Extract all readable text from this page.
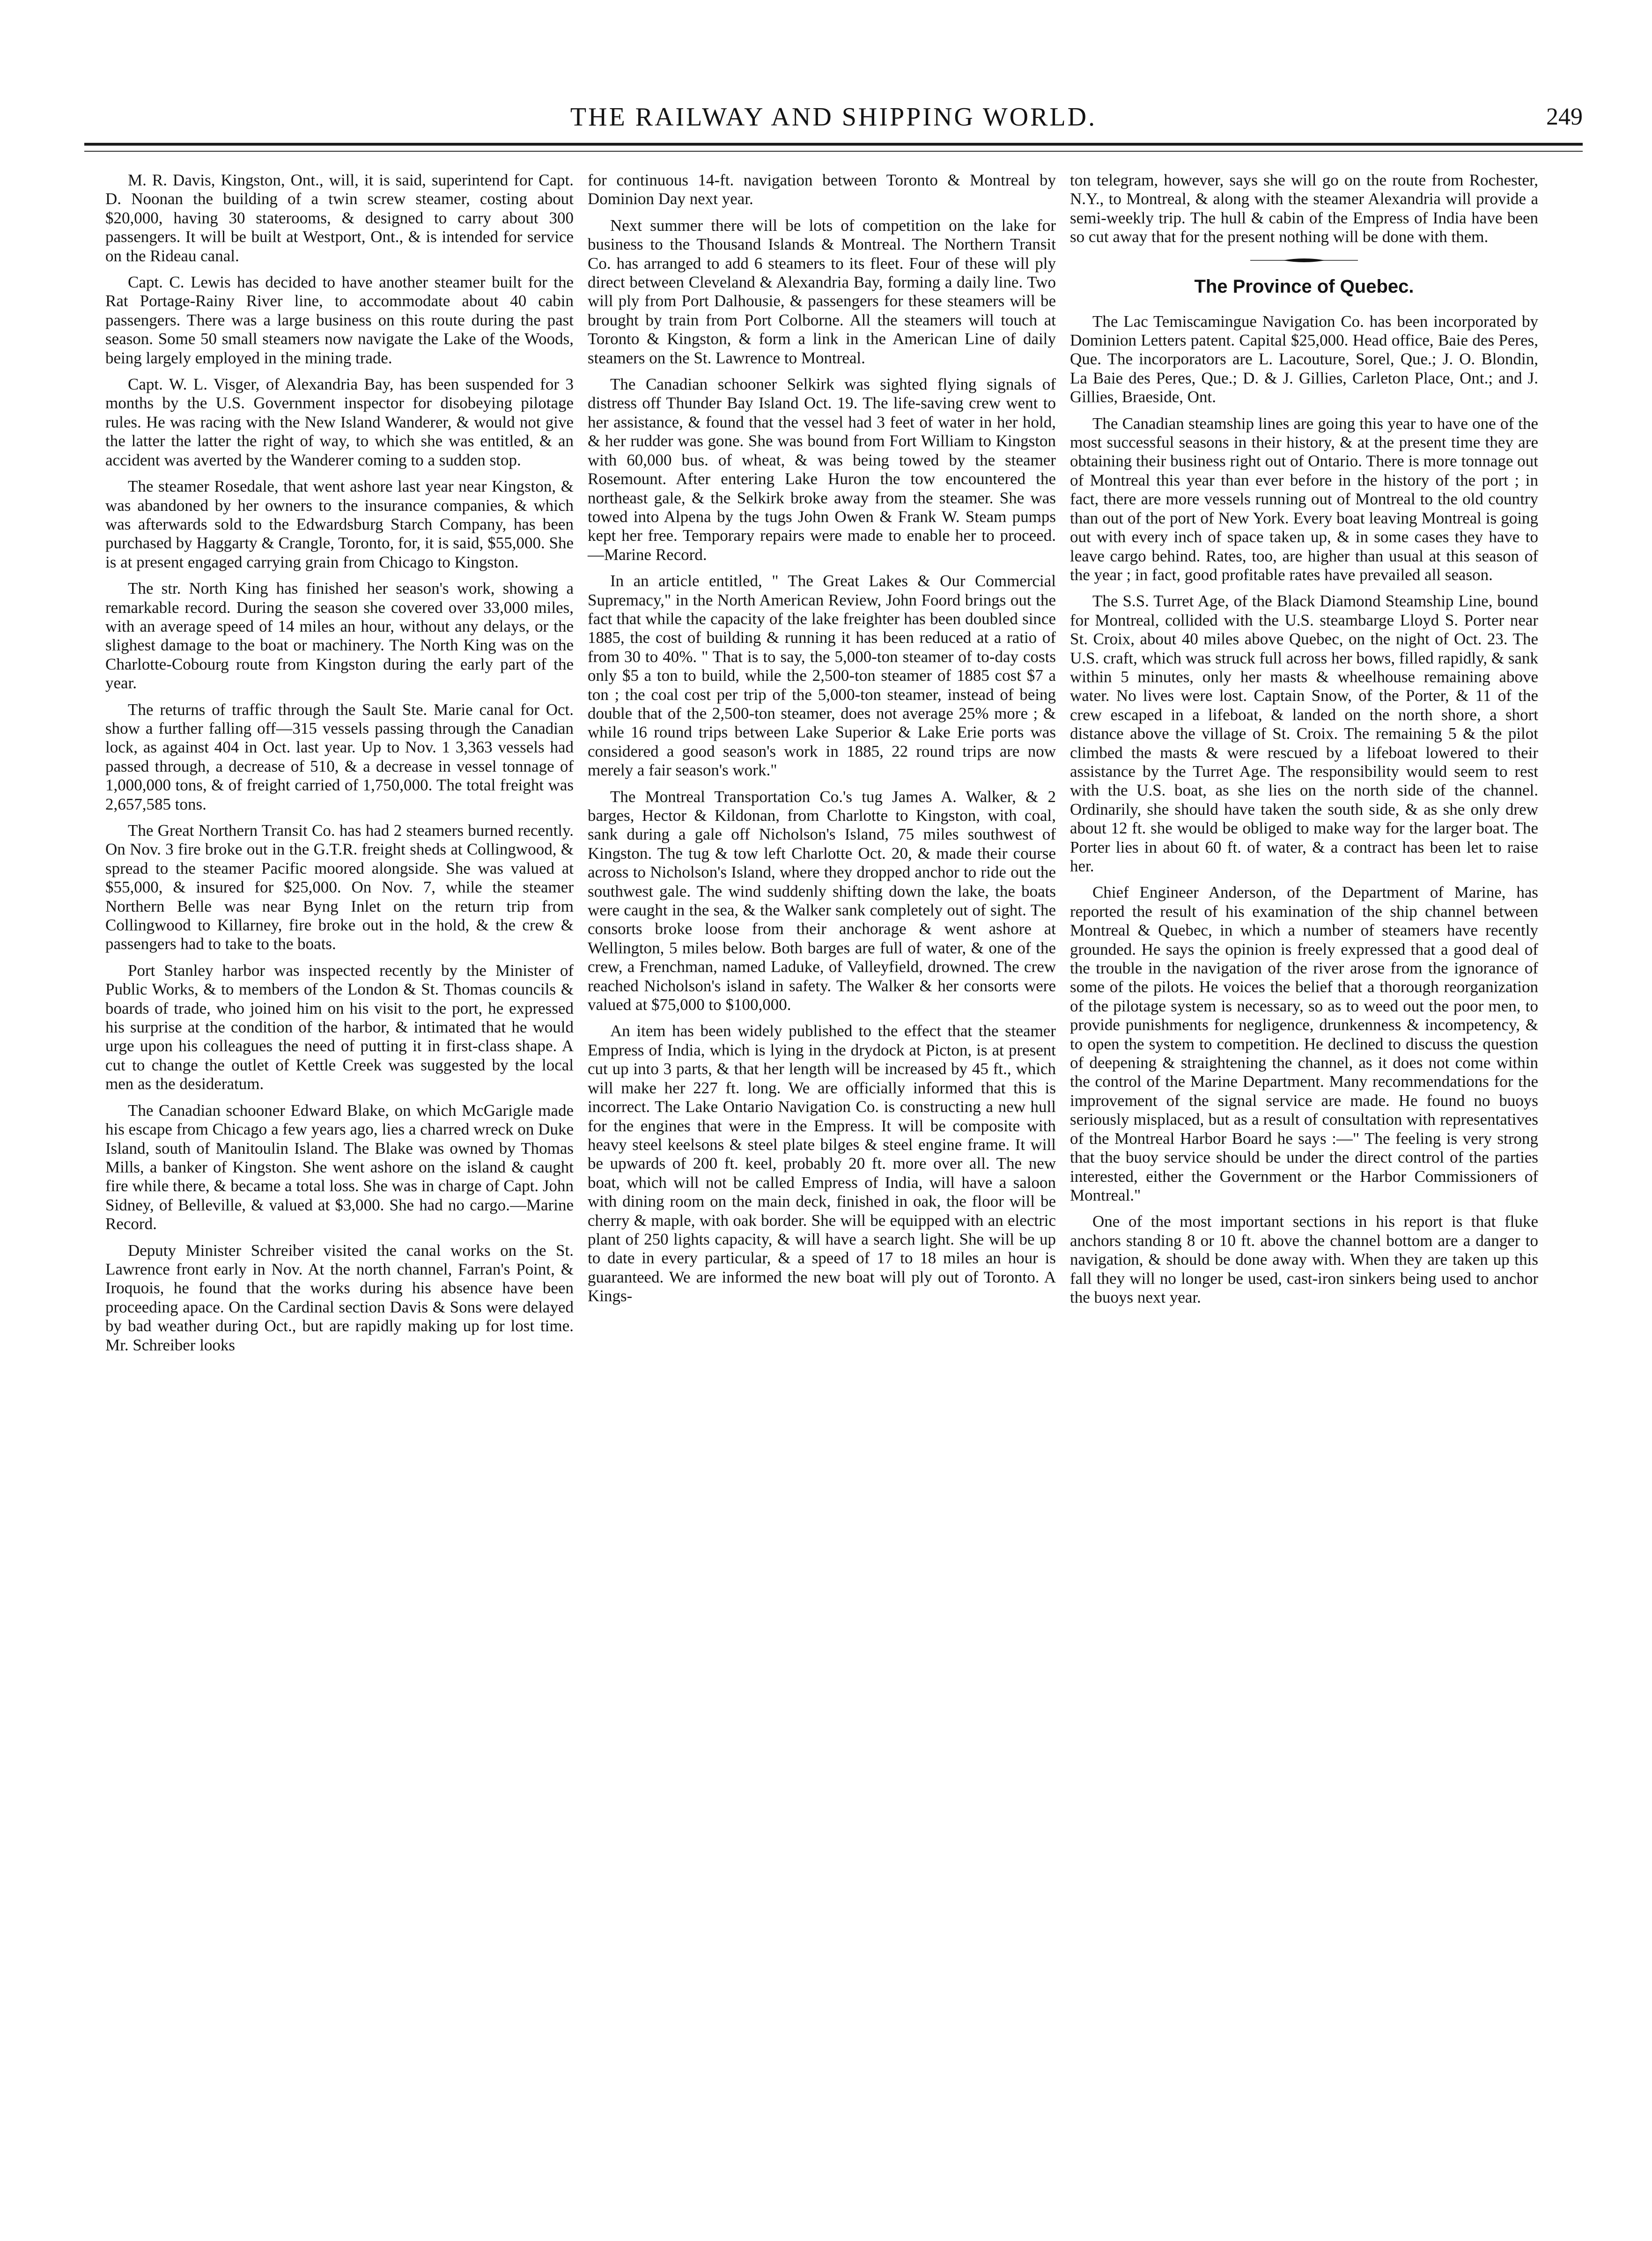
THE RAILWAY AND SHIPPING WORLD.	249

M. R. Davis, Kingston, Ont., will, it is said, superintend for Capt. D. Noonan the building of a twin screw steamer, costing about $20,000, having 30 staterooms, & designed to carry about 300 passengers. It will be built at Westport, Ont., & is intended for service on the Rideau canal.

Capt. C. Lewis has decided to have another steamer built for the Rat Portage-Rainy River line, to accommodate about 40 cabin passengers. There was a large business on this route during the past season. Some 50 small steamers now navigate the Lake of the Woods, being largely employed in the mining trade.

Capt. W. L. Visger, of Alexandria Bay, has been suspended for 3 months by the U.S. Government inspector for disobeying pilotage rules. He was racing with the New Island Wanderer, & would not give the latter the latter the right of way, to which she was entitled, & an accident was averted by the Wanderer coming to a sudden stop.

The steamer Rosedale, that went ashore last year near Kingston, & was abandoned by her owners to the insurance companies, & which was afterwards sold to the Edwardsburg Starch Company, has been purchased by Haggarty & Crangle, Toronto, for, it is said, $55,000. She is at present engaged carrying grain from Chicago to Kingston.

The str. North King has finished her season's work, showing a remarkable record. During the season she covered over 33,000 miles, with an average speed of 14 miles an hour, without any delays, or the slighest damage to the boat or machinery. The North King was on the Charlotte-Cobourg route from Kingston during the early part of the year.

The returns of traffic through the Sault Ste. Marie canal for Oct. show a further falling off—315 vessels passing through the Canadian lock, as against 404 in Oct. last year. Up to Nov. 1 3,363 vessels had passed through, a decrease of 510, & a decrease in vessel tonnage of 1,000,000 tons, & of freight carried of 1,750,000. The total freight was 2,657,585 tons.

The Great Northern Transit Co. has had 2 steamers burned recently. On Nov. 3 fire broke out in the G.T.R. freight sheds at Collingwood, & spread to the steamer Pacific moored alongside. She was valued at $55,000, & insured for $25,000. On Nov. 7, while the steamer Northern Belle was near Byng Inlet on the return trip from Collingwood to Killarney, fire broke out in the hold, & the crew & passengers had to take to the boats.

Port Stanley harbor was inspected recently by the Minister of Public Works, & to members of the London & St. Thomas councils & boards of trade, who joined him on his visit to the port, he expressed his surprise at the condition of the harbor, & intimated that he would urge upon his colleagues the need of putting it in first-class shape. A cut to change the outlet of Kettle Creek was suggested by the local men as the desideratum.

The Canadian schooner Edward Blake, on which McGarigle made his escape from Chicago a few years ago, lies a charred wreck on Duke Island, south of Manitoulin Island. The Blake was owned by Thomas Mills, a banker of Kingston. She went ashore on the island & caught fire while there, & became a total loss. She was in charge of Capt. John Sidney, of Belleville, & valued at $3,000. She had no cargo.—Marine Record.

Deputy Minister Schreiber visited the canal works on the St. Lawrence front early in Nov. At the north channel, Farran's Point, & Iroquois, he found that the works during his absence have been proceeding apace. On the Cardinal section Davis & Sons were delayed by bad weather during Oct., but are rapidly making up for lost time. Mr. Schreiber looks

for continuous 14-ft. navigation between Toronto & Montreal by Dominion Day next year.

Next summer there will be lots of competition on the lake for business to the Thousand Islands & Montreal. The Northern Transit Co. has arranged to add 6 steamers to its fleet. Four of these will ply direct between Cleveland & Alexandria Bay, forming a daily line. Two will ply from Port Dalhousie, & passengers for these steamers will be brought by train from Port Colborne. All the steamers will touch at Toronto & Kingston, & form a link in the American Line of daily steamers on the St. Lawrence to Montreal.

The Canadian schooner Selkirk was sighted flying signals of distress off Thunder Bay Island Oct. 19. The life-saving crew went to her assistance, & found that the vessel had 3 feet of water in her hold, & her rudder was gone. She was bound from Fort William to Kingston with 60,000 bus. of wheat, & was being towed by the steamer Rosemount. After entering Lake Huron the tow encountered the northeast gale, & the Selkirk broke away from the steamer. She was towed into Alpena by the tugs John Owen & Frank W. Steam pumps kept her free. Temporary repairs were made to enable her to proceed.—Marine Record.

In an article entitled, " The Great Lakes & Our Commercial Supremacy," in the North American Review, John Foord brings out the fact that while the capacity of the lake freighter has been doubled since 1885, the cost of building & running it has been reduced at a ratio of from 30 to 40%. " That is to say, the 5,000-ton steamer of to-day costs only $5 a ton to build, while the 2,500-ton steamer of 1885 cost $7 a ton ; the coal cost per trip of the 5,000-ton steamer, instead of being double that of the 2,500-ton steamer, does not average 25% more ; & while 16 round trips between Lake Superior & Lake Erie ports was considered a good season's work in 1885, 22 round trips are now merely a fair season's work."

The Montreal Transportation Co.'s tug James A. Walker, & 2 barges, Hector & Kildonan, from Charlotte to Kingston, with coal, sank during a gale off Nicholson's Island, 75 miles southwest of Kingston. The tug & tow left Charlotte Oct. 20, & made their course across to Nicholson's Island, where they dropped anchor to ride out the southwest gale. The wind suddenly shifting down the lake, the boats were caught in the sea, & the Walker sank completely out of sight. The consorts broke loose from their anchorage & went ashore at Wellington, 5 miles below. Both barges are full of water, & one of the crew, a Frenchman, named Laduke, of Valleyfield, drowned. The crew reached Nicholson's island in safety. The Walker & her consorts were valued at $75,000 to $100,000.

An item has been widely published to the effect that the steamer Empress of India, which is lying in the drydock at Picton, is at present cut up into 3 parts, & that her length will be increased by 45 ft., which will make her 227 ft. long. We are officially informed that this is incorrect. The Lake Ontario Navigation Co. is constructing a new hull for the engines that were in the Empress. It will be composite with heavy steel keelsons & steel plate bilges & steel engine frame. It will be upwards of 200 ft. keel, probably 20 ft. more over all. The new boat, which will not be called Empress of India, will have a saloon with dining room on the main deck, finished in oak, the floor will be cherry & maple, with oak border. She will be equipped with an electric plant of 250 lights capacity, & will have a search light. She will be up to date in every particular, & a speed of 17 to 18 miles an hour is guaranteed. We are informed the new boat will ply out of Toronto. A Kings-

ton telegram, however, says she will go on the route from Rochester, N.Y., to Montreal, & along with the steamer Alexandria will provide a semi-weekly trip. The hull & cabin of the Empress of India have been so cut away that for the present nothing will be done with them.

The Province of Quebec.

The Lac Temiscamingue Navigation Co. has been incorporated by Dominion Letters patent. Capital $25,000. Head office, Baie des Peres, Que. The incorporators are L. Lacouture, Sorel, Que.; J. O. Blondin, La Baie des Peres, Que.; D. & J. Gillies, Carleton Place, Ont.; and J. Gillies, Braeside, Ont.

The Canadian steamship lines are going this year to have one of the most successful seasons in their history, & at the present time they are obtaining their business right out of Ontario. There is more tonnage out of Montreal this year than ever before in the history of the port ; in fact, there are more vessels running out of Montreal to the old country than out of the port of New York. Every boat leaving Montreal is going out with every inch of space taken up, & in some cases they have to leave cargo behind. Rates, too, are higher than usual at this season of the year ; in fact, good profitable rates have prevailed all season.

The S.S. Turret Age, of the Black Diamond Steamship Line, bound for Montreal, collided with the U.S. steambarge Lloyd S. Porter near St. Croix, about 40 miles above Quebec, on the night of Oct. 23. The U.S. craft, which was struck full across her bows, filled rapidly, & sank within 5 minutes, only her masts & wheelhouse remaining above water. No lives were lost. Captain Snow, of the Porter, & 11 of the crew escaped in a lifeboat, & landed on the north shore, a short distance above the village of St. Croix. The remaining 5 & the pilot climbed the masts & were rescued by a lifeboat lowered to their assistance by the Turret Age. The responsibility would seem to rest with the U.S. boat, as she lies on the north side of the channel. Ordinarily, she should have taken the south side, & as she only drew about 12 ft. she would be obliged to make way for the larger boat. The Porter lies in about 60 ft. of water, & a contract has been let to raise her.

Chief Engineer Anderson, of the Department of Marine, has reported the result of his examination of the ship channel between Montreal & Quebec, in which a number of steamers have recently grounded. He says the opinion is freely expressed that a good deal of the trouble in the navigation of the river arose from the ignorance of some of the pilots. He voices the belief that a thorough reorganization of the pilotage system is necessary, so as to weed out the poor men, to provide punishments for negligence, drunkenness & incompetency, & to open the system to competition. He declined to discuss the question of deepening & straightening the channel, as it does not come within the control of the Marine Department. Many recommendations for the improvement of the signal service are made. He found no buoys seriously misplaced, but as a result of consultation with representatives of the Montreal Harbor Board he says :—" The feeling is very strong that the buoy service should be under the direct control of the parties interested, either the Government or the Harbor Commissioners of Montreal."

One of the most important sections in his report is that fluke anchors standing 8 or 10 ft. above the channel bottom are a danger to navigation, & should be done away with. When they are taken up this fall they will no longer be used, cast-iron sinkers being used to anchor the buoys next year.
